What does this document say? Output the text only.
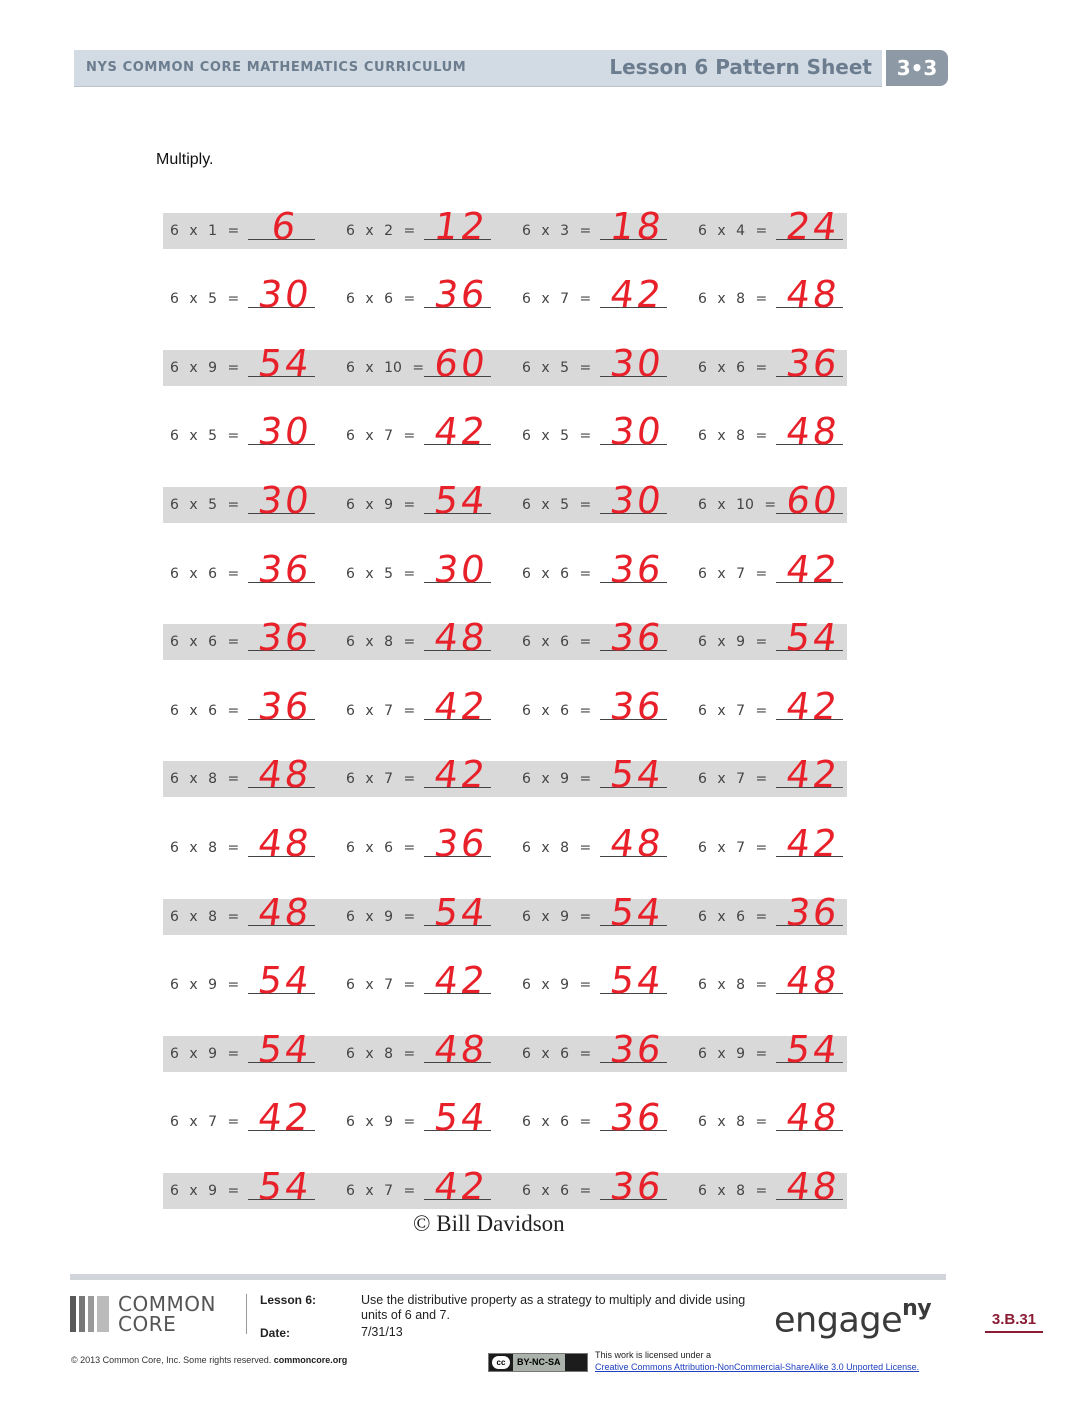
NYS COMMON CORE MATHEMATICS CURRICULUM	Lesson 6 Pattern Sheet	3•3
Multiply.
6 x 1 = 6	6 x 2 = 12	6 x 3 = 18	6 x 4 = 24
6 x 5 = 30	6 x 6 = 36	6 x 7 = 42	6 x 8 = 48
6 x 9 = 54	6 x 10 = 60	6 x 5 = 30	6 x 6 = 36
6 x 5 = 30	6 x 7 = 42	6 x 5 = 30	6 x 8 = 48
6 x 5 = 30	6 x 9 = 54	6 x 5 = 30	6 x 10 = 60
6 x 6 = 36	6 x 5 = 30	6 x 6 = 36	6 x 7 = 42
6 x 6 = 36	6 x 8 = 48	6 x 6 = 36	6 x 9 = 54
6 x 6 = 36	6 x 7 = 42	6 x 6 = 36	6 x 7 = 42
6 x 8 = 48	6 x 7 = 42	6 x 9 = 54	6 x 7 = 42
6 x 8 = 48	6 x 6 = 36	6 x 8 = 48	6 x 7 = 42
6 x 8 = 48	6 x 9 = 54	6 x 9 = 54	6 x 6 = 36
6 x 9 = 54	6 x 7 = 42	6 x 9 = 54	6 x 8 = 48
6 x 9 = 54	6 x 8 = 48	6 x 6 = 36	6 x 9 = 54
6 x 7 = 42	6 x 9 = 54	6 x 6 = 36	6 x 8 = 48
6 x 9 = 54	6 x 7 = 42	6 x 6 = 36	6 x 8 = 48
© Bill Davidson
COMMON
CORE
Lesson 6:	Use the distributive property as a strategy to multiply and divide using units of 6 and 7.
Date:	7/31/13	engage$^{ny}$	3.B.31
© 2013 Common Core, Inc. Some rights reserved. commoncore.org	cc BY-NC-SA
This work is licensed under a
Creative Commons Attribution-NonCommercial-ShareAlike 3.0 Unported License.
